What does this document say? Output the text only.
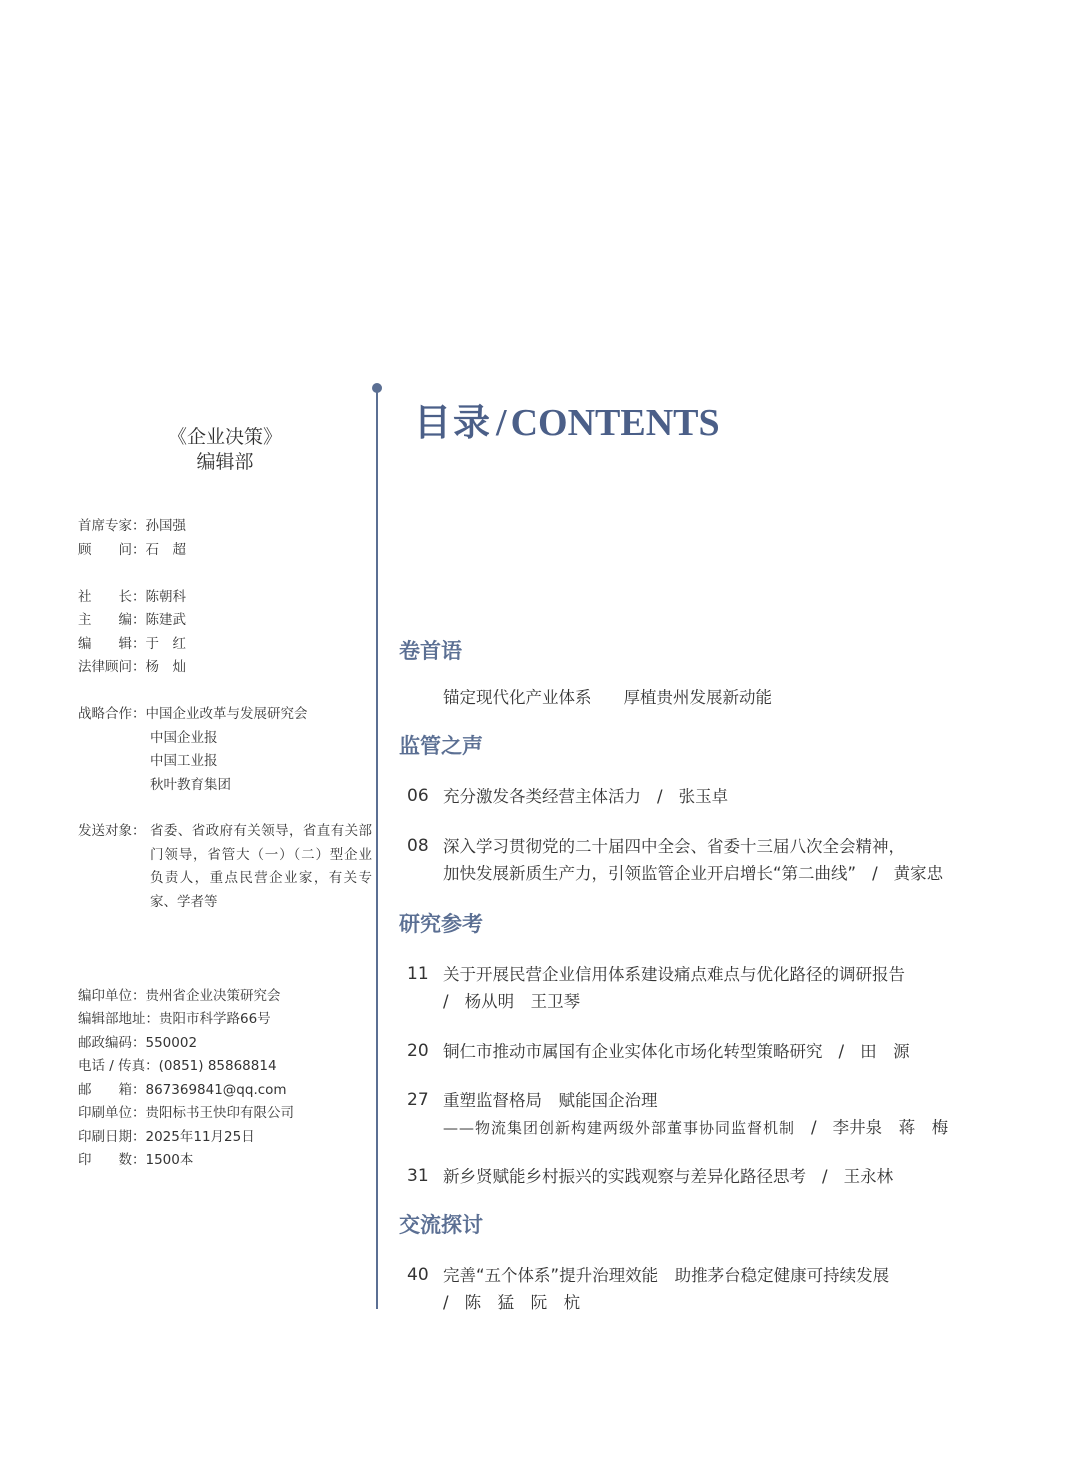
《企业决策》
编辑部
首席专家：孙国强
顾　　问：石　超
社　　长：陈朝科
主　　编：陈建武
编　　辑：于　红
法律顾问：杨　灿
战略合作：中国企业改革与发展研究会
中国企业报
中国工业报
秋叶教育集团
发送对象： 省委、省政府有关领导，省直有关部门领导，省管大（一）（二）型企业负责人，重点民营企业家，有关专家、学者等
编印单位：贵州省企业决策研究会
编辑部地址：贵阳市科学路66号
邮政编码：550002
电话 / 传真：(0851) 85868814
邮　　箱：867369841@qq.com
印刷单位：贵阳标书王快印有限公司
印刷日期：2025年11月25日
印　　数：1500本
目录 / CONTENTS
卷首语
锚定现代化产业体系 厚植贵州发展新动能
监管之声
06 充分激发各类经营主体活力 / 张玉卓
08 深入学习贯彻党的二十届四中全会、省委十三届八次全会精神，
加快发展新质生产力，引领监管企业开启增长“第二曲线” / 黄家忠
研究参考
11 关于开展民营企业信用体系建设痛点难点与优化路径的调研报告
/ 杨从明　王卫琴
20 铜仁市推动市属国有企业实体化市场化转型策略研究 / 田　源
27 重塑监督格局　赋能国企治理
——物流集团创新构建两级外部董事协同监督机制 / 李井泉　蒋　梅
31 新乡贤赋能乡村振兴的实践观察与差异化路径思考 / 王永林
交流探讨
40 完善“五个体系”提升治理效能　助推茅台稳定健康可持续发展
/ 陈　猛　阮　杭
